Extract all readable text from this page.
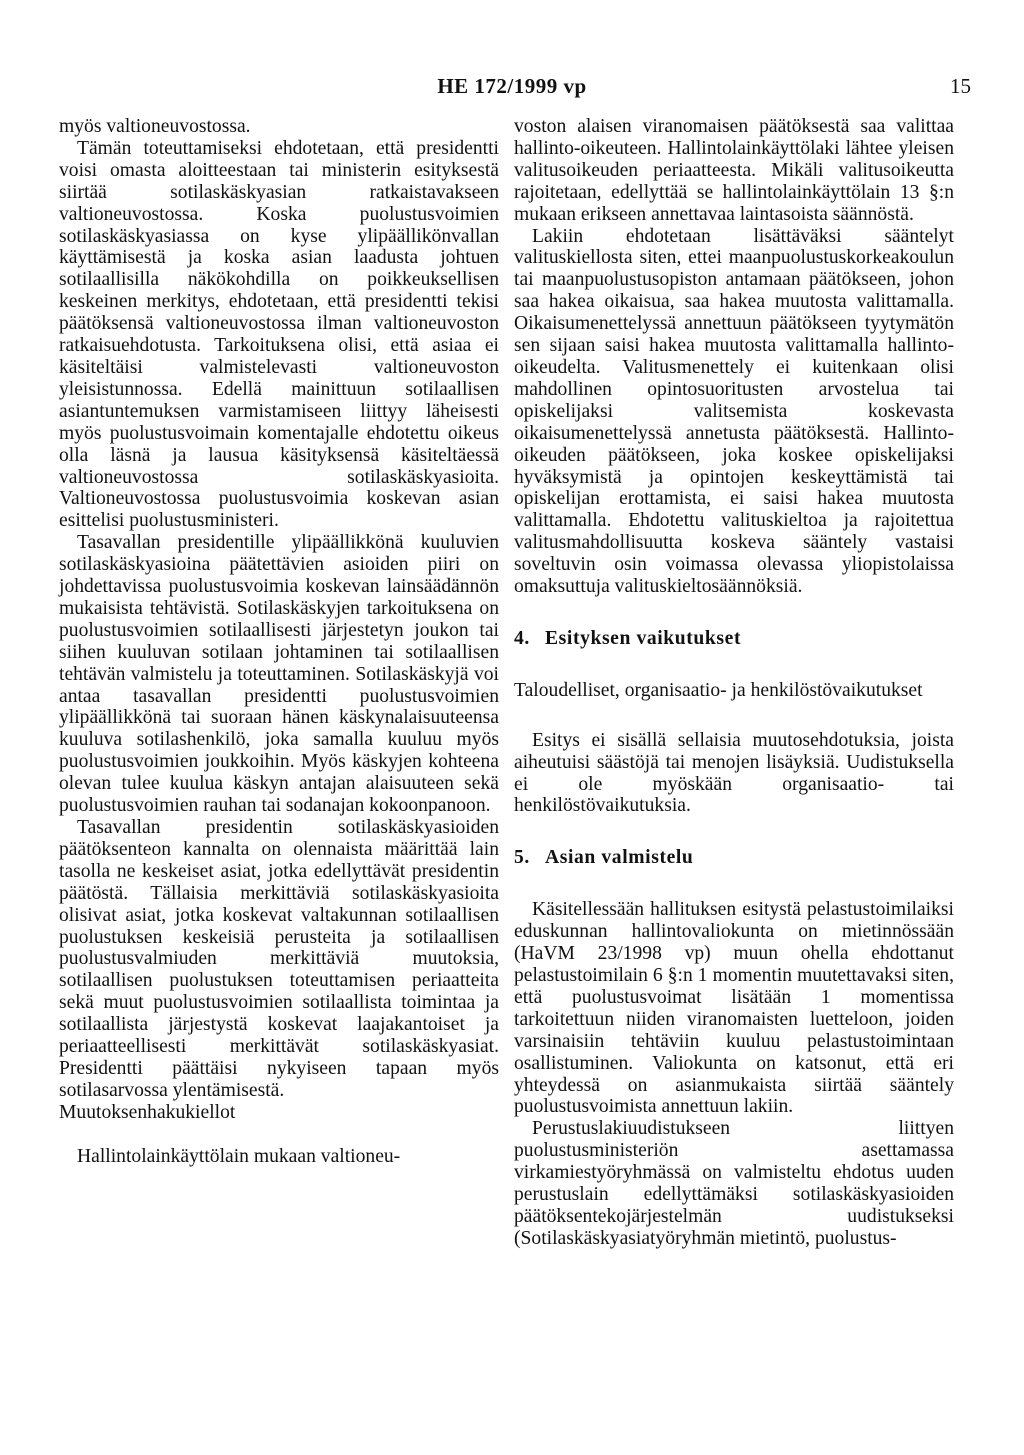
HE 172/1999 vp	15

myös valtioneuvostossa.

Tämän toteuttamiseksi ehdotetaan, että presidentti voisi omasta aloitteestaan tai ministerin esityksestä siirtää sotilaskäskyasian ratkaistavakseen valtioneuvostossa. Koska puolustusvoimien sotilaskäskyasiassa on kyse ylipäällikönvallan käyttämisestä ja koska asian laadusta johtuen sotilaallisilla näkökohdilla on poikkeuksellisen keskeinen merkitys, ehdotetaan, että presidentti tekisi päätöksensä valtioneuvostossa ilman valtioneuvoston ratkaisuehdotusta. Tarkoituksena olisi, että asiaa ei käsiteltäisi valmistelevasti valtioneuvoston yleisistunnossa. Edellä mainittuun sotilaallisen asiantuntemuksen varmistamiseen liittyy läheisesti myös puolustusvoimain komentajalle ehdotettu oikeus olla läsnä ja lausua käsityksensä käsiteltäessä valtioneuvostossa sotilaskäskyasioita. Valtioneuvostossa puolustusvoimia koskevan asian esittelisi puolustusministeri.

Tasavallan presidentille ylipäällikkönä kuuluvien sotilaskäskyasioina päätettävien asioiden piiri on johdettavissa puolustusvoimia koskevan lainsäädännön mukaisista tehtävistä. Sotilaskäskyjen tarkoituksena on puolustusvoimien sotilaallisesti järjestetyn joukon tai siihen kuuluvan sotilaan johtaminen tai sotilaallisen tehtävän valmistelu ja toteuttaminen. Sotilaskäskyjä voi antaa tasavallan presidentti puolustusvoimien ylipäällikkönä tai suoraan hänen käskynalaisuuteensa kuuluva sotilashenkilö, joka samalla kuuluu myös puolustusvoimien joukkoihin. Myös käskyjen kohteena olevan tulee kuulua käskyn antajan alaisuuteen sekä puolustusvoimien rauhan tai sodanajan kokoonpanoon.

Tasavallan presidentin sotilaskäskyasioiden päätöksenteon kannalta on olennaista määrittää lain tasolla ne keskeiset asiat, jotka edellyttävät presidentin päätöstä. Tällaisia merkittäviä sotilaskäskyasioita olisivat asiat, jotka koskevat valtakunnan sotilaallisen puolustuksen keskeisiä perusteita ja sotilaallisen puolustusvalmiuden merkittäviä muutoksia, sotilaallisen puolustuksen toteuttamisen periaatteita sekä muut puolustusvoimien sotilaallista toimintaa ja sotilaallista järjestystä koskevat laajakantoiset ja periaatteellisesti merkittävät sotilaskäskyasiat. Presidentti päättäisi nykyiseen tapaan myös sotilasarvossa ylentämisestä.

Muutoksenhakukiellot

Hallintolainkäyttölain mukaan valtioneu-

voston alaisen viranomaisen päätöksestä saa valittaa hallinto-oikeuteen. Hallintolainkäyttölaki lähtee yleisen valitusoikeuden periaatteesta. Mikäli valitusoikeutta rajoitetaan, edellyttää se hallintolainkäyttölain 13 §:n mukaan erikseen annettavaa laintasoista säännöstä.

Lakiin ehdotetaan lisättäväksi sääntelyt valituskiellosta siten, ettei maanpuolustuskorkeakoulun tai maanpuolustusopiston antamaan päätökseen, johon saa hakea oikaisua, saa hakea muutosta valittamalla. Oikaisumenettelyssä annettuun päätökseen tyytymätön sen sijaan saisi hakea muutosta valittamalla hallinto-oikeudelta. Valitusmenettely ei kuitenkaan olisi mahdollinen opintosuoritusten arvostelua tai opiskelijaksi valitsemista koskevasta oikaisumenettelyssä annetusta päätöksestä. Hallinto-oikeuden päätökseen, joka koskee opiskelijaksi hyväksymistä ja opintojen keskeyttämistä tai opiskelijan erottamista, ei saisi hakea muutosta valittamalla. Ehdotettu valituskieltoa ja rajoitettua valitusmahdollisuutta koskeva sääntely vastaisi soveltuvin osin voimassa olevassa yliopistolaissa omaksuttuja valituskieltosäännöksiä.

4. Esityksen vaikutukset

Taloudelliset, organisaatio- ja henkilöstövaikutukset

Esitys ei sisällä sellaisia muutosehdotuksia, joista aiheutuisi säästöjä tai menojen lisäyksiä. Uudistuksella ei ole myöskään organisaatio- tai henkilöstövaikutuksia.

5. Asian valmistelu

Käsitellessään hallituksen esitystä pelastustoimilaiksi eduskunnan hallintovaliokunta on mietinnössään (HaVM 23/1998 vp) muun ohella ehdottanut pelastustoimilain 6 §:n 1 momentin muutettavaksi siten, että puolustusvoimat lisätään 1 momentissa tarkoitettuun niiden viranomaisten luetteloon, joiden varsinaisiin tehtäviin kuuluu pelastustoimintaan osallistuminen. Valiokunta on katsonut, että eri yhteydessä on asianmukaista siirtää sääntely puolustusvoimista annettuun lakiin.

Perustuslakiuudistukseen liittyen puolustusministeriön asettamassa virkamiestyöryhmässä on valmisteltu ehdotus uuden perustuslain edellyttämäksi sotilaskäskyasioiden päätöksentekojärjestelmän uudistukseksi (Sotilaskäskyasiatyöryhmän mietintö, puolustus-
